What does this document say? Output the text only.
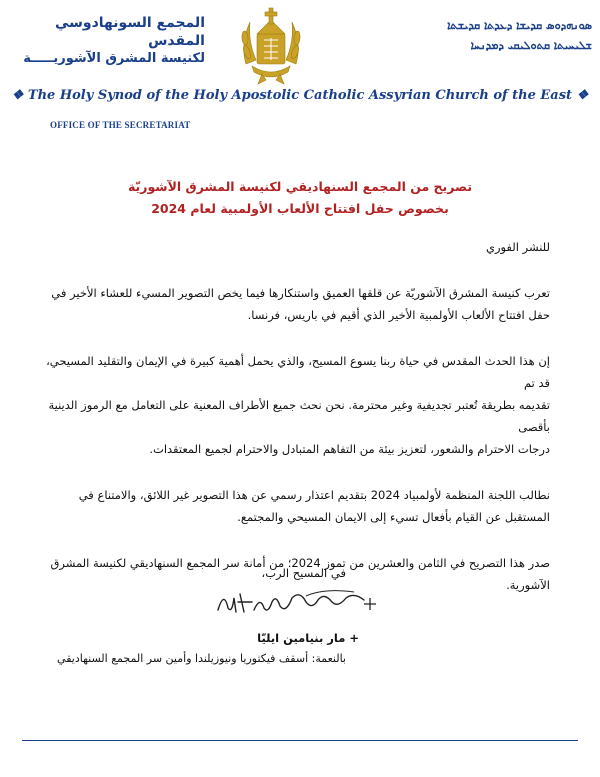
المجمع السونهادوسي المقدس
لكنيسة المشرق الآشوريـــــة
ܣܘܢܗܕܘܣ ܩܕܝܫܐ ܕܥܕܬܐ ܩܕܝܫܬܐ
ܫܠܝܚܝܬܐ ܩܬܘܠܝܩܝ ܕܡܕܢܚܐ
❖ The Holy Synod of the Holy Apostolic Catholic Assyrian Church of the East ❖
OFFICE OF THE SECRETARIAT
تصريح من المجمع السنهاديقي لكنيسة المشرق الآشوريّة
بخصوص حفل افتتاح الألعاب الأولمبية لعام 2024

للنشر الفوري

تعرب كنيسة المشرق الآشوريّة عن قلقها العميق واستنكارها فيما يخص التصوير المسيء للعشاء الأخير في

حفل افتتاح الألعاب الأولمبية الأخير الذي أقيم في باريس، فرنسا.

إن هذا الحدث المقدس في حياة ربنا يسوع المسيح، والذي يحمل أهمية كبيرة في الإيمان والتقليد المسيحي، قد تم

تقديمه بطريقة تُعتبر تجديفية وغير محترمة. نحن نحث جميع الأطراف المعنية على التعامل مع الرموز الدينية بأقصى

درجات الاحترام والشعور، لتعزيز بيئة من التفاهم المتبادل والاحترام لجميع المعتقدات.

نطالب اللجنة المنظمة لأولمبياد 2024 بتقديم اعتذار رسمي عن هذا التصوير غير اللائق، والامتناع في

المستقبل عن القيام بأفعال تسيء إلى الايمان المسيحي والمجتمع.

صدر هذا التصريح في الثامن والعشرين من تموز 2024؛ من أمانة سر المجمع السنهاديقي لكنيسة المشرق الآشورية.

في المسيح الرب،
+ مار بنيامين ايليّا
بالنعمة: أسقف فيكتوريا ونيوزيلندا وأمين سر المجمع السنهاديقي
